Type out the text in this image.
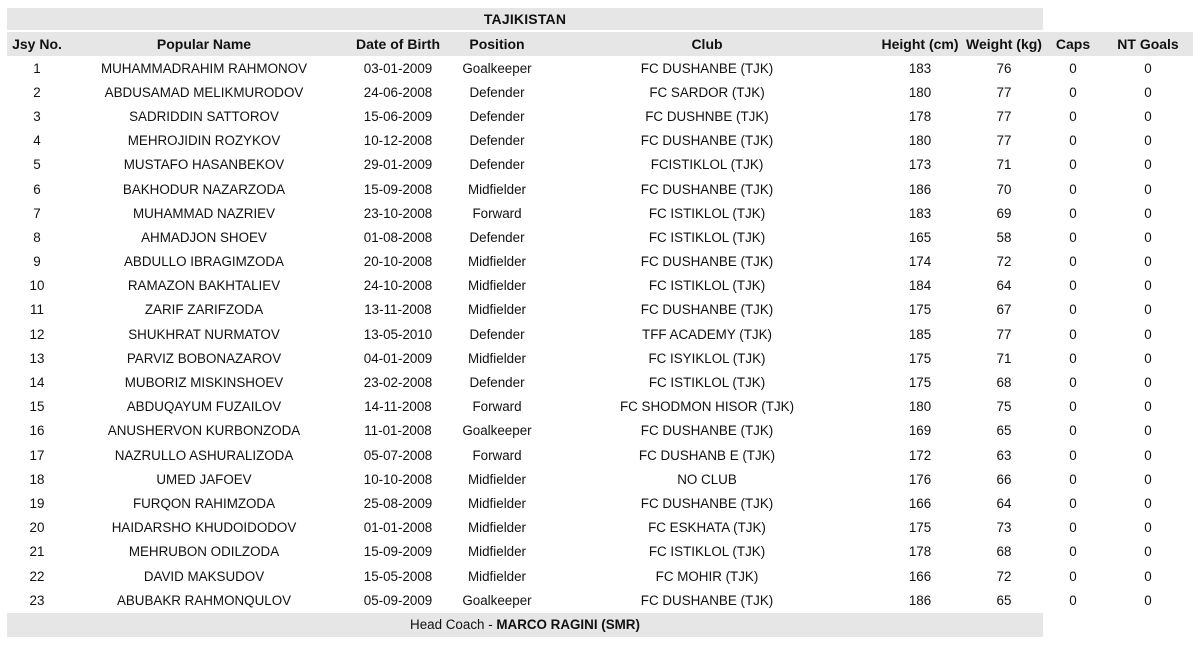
TAJIKISTAN
Jsy No.	Popular Name	Date of Birth	Position	Club	Height (cm)	Weight (kg)	Caps	NT Goals
1	MUHAMMADRAHIM RAHMONOV	03-01-2009	Goalkeeper	FC DUSHANBE (TJK)	183	76	0	0
2	ABDUSAMAD MELIKMURODOV	24-06-2008	Defender	FC SARDOR (TJK)	180	77	0	0
3	SADRIDDIN SATTOROV	15-06-2009	Defender	FC DUSHNBE (TJK)	178	77	0	0
4	MEHROJIDIN ROZYKOV	10-12-2008	Defender	FC DUSHANBE (TJK)	180	77	0	0
5	MUSTAFO HASANBEKOV	29-01-2009	Defender	FCISTIKLOL (TJK)	173	71	0	0
6	BAKHODUR NAZARZODA	15-09-2008	Midfielder	FC DUSHANBE (TJK)	186	70	0	0
7	MUHAMMAD NAZRIEV	23-10-2008	Forward	FC ISTIKLOL (TJK)	183	69	0	0
8	AHMADJON SHOEV	01-08-2008	Defender	FC ISTIKLOL (TJK)	165	58	0	0
9	ABDULLO IBRAGIMZODA	20-10-2008	Midfielder	FC DUSHANBE (TJK)	174	72	0	0
10	RAMAZON BAKHTALIEV	24-10-2008	Midfielder	FC ISTIKLOL (TJK)	184	64	0	0
11	ZARIF ZARIFZODA	13-11-2008	Midfielder	FC DUSHANBE (TJK)	175	67	0	0
12	SHUKHRAT NURMATOV	13-05-2010	Defender	TFF ACADEMY (TJK)	185	77	0	0
13	PARVIZ BOBONAZAROV	04-01-2009	Midfielder	FC ISYIKLOL (TJK)	175	71	0	0
14	MUBORIZ MISKINSHOEV	23-02-2008	Defender	FC ISTIKLOL (TJK)	175	68	0	0
15	ABDUQAYUM FUZAILOV	14-11-2008	Forward	FC SHODMON HISOR (TJK)	180	75	0	0
16	ANUSHERVON KURBONZODA	11-01-2008	Goalkeeper	FC DUSHANBE (TJK)	169	65	0	0
17	NAZRULLO ASHURALIZODA	05-07-2008	Forward	FC DUSHANB E (TJK)	172	63	0	0
18	UMED JAFOEV	10-10-2008	Midfielder	NO CLUB	176	66	0	0
19	FURQON RAHIMZODA	25-08-2009	Midfielder	FC DUSHANBE (TJK)	166	64	0	0
20	HAIDARSHO KHUDOIDODOV	01-01-2008	Midfielder	FC ESKHATA (TJK)	175	73	0	0
21	MEHRUBON ODILZODA	15-09-2009	Midfielder	FC ISTIKLOL (TJK)	178	68	0	0
22	DAVID MAKSUDOV	15-05-2008	Midfielder	FC MOHIR (TJK)	166	72	0	0
23	ABUBAKR RAHMONQULOV	05-09-2009	Goalkeeper	FC DUSHANBE (TJK)	186	65	0	0
Head Coach - MARCO RAGINI (SMR)
